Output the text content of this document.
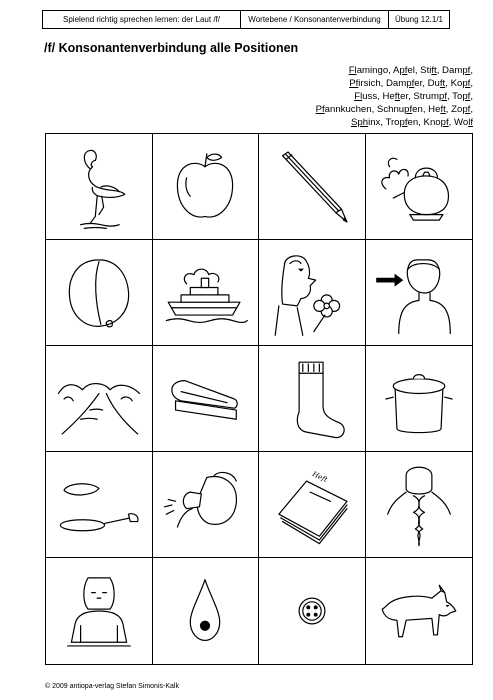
Spielend richtig sprechen lernen: der Laut /f/	Wortebene / Konsonantenverbindung	Übung 12.1/1
/f/ Konsonantenverbindung alle Positionen
Flamingo, Apfel, Stift, Dampf,
Pfirsich, Dampfer, Duft, Kopf,
Fluss, Hefter, Strumpf, Topf,
Pfannkuchen, Schnupfen, Heft, Zopf,
Sphinx, Tropfen, Knopf, Wolf
Heft
© 2009 antiopa-verlag Stefan Simonis-Kalk
